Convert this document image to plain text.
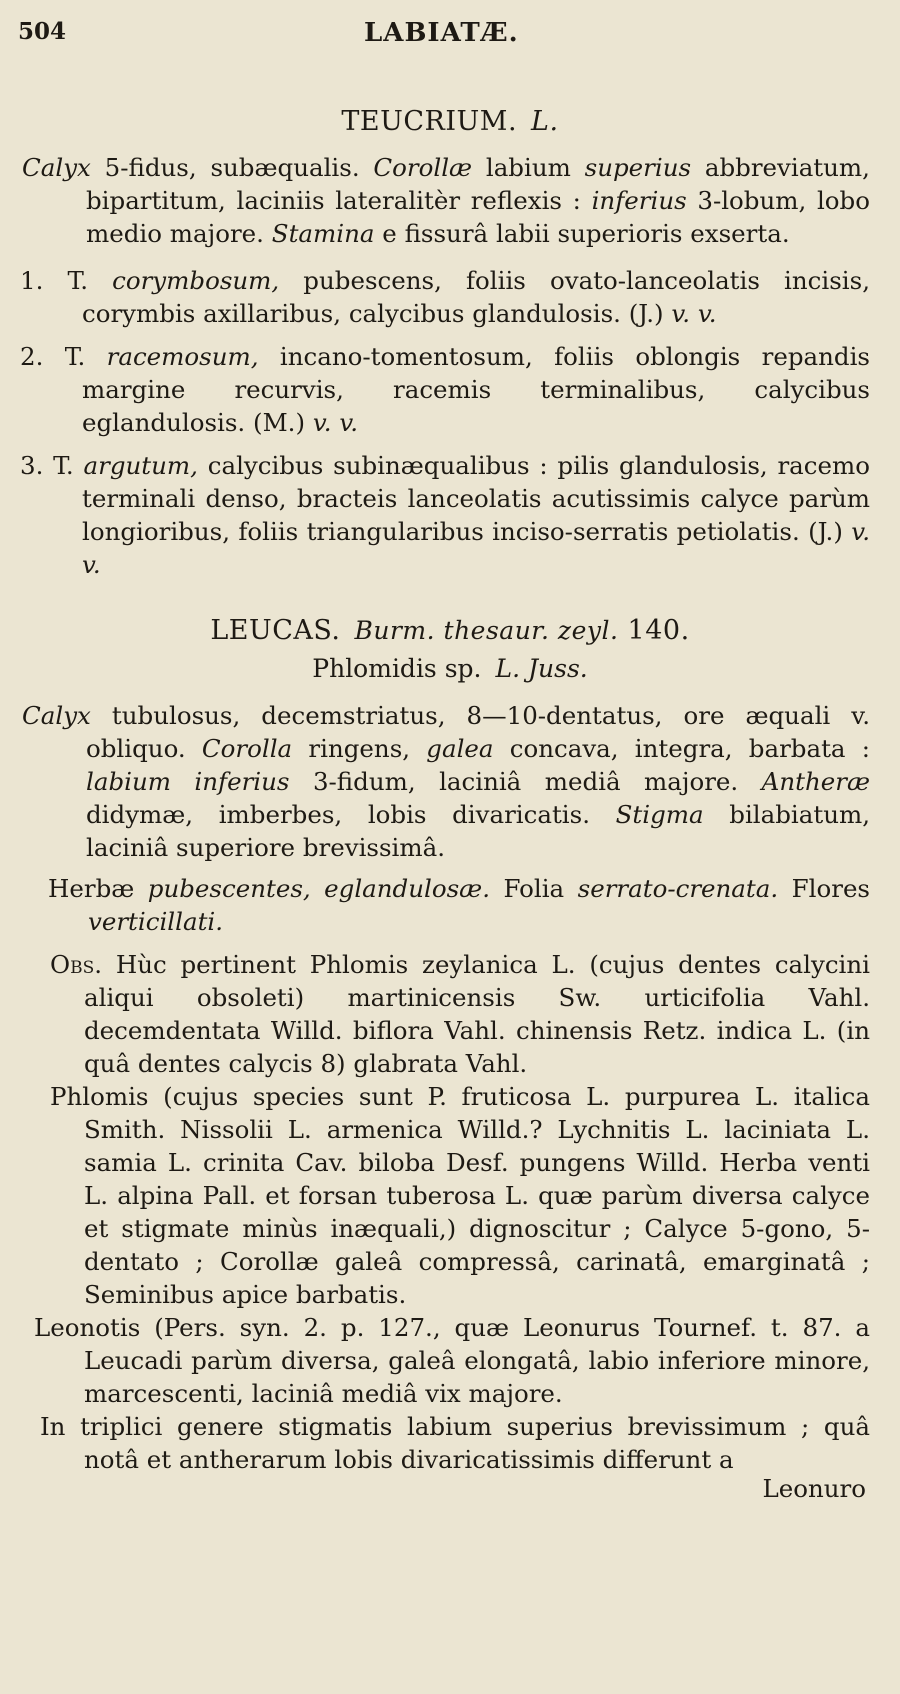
504	LABIATÆ.
TEUCRIUM. L.

Calyx 5-fidus, subæqualis. Corollæ labium superius abbreviatum, bipartitum, laciniis lateralitèr reflexis : inferius 3-lobum, lobo medio majore. Stamina e fissurâ labii superioris exserta.

1. T. corymbosum, pubescens, foliis ovato-lanceolatis incisis, corymbis axillaribus, calycibus glandulosis. (J.) v. v.

2. T. racemosum, incano-tomentosum, foliis oblongis repandis margine recurvis, racemis terminalibus, calycibus eglandulosis. (M.) v. v.

3. T. argutum, calycibus subinæqualibus : pilis glandulosis, racemo terminali denso, bracteis lanceolatis acutissimis calyce parùm longioribus, foliis triangularibus inciso-serratis petiolatis. (J.) v. v.

LEUCAS. Burm. thesaur. zeyl. 140.
Phlomidis sp. L. Juss.

Calyx tubulosus, decemstriatus, 8—10-dentatus, ore æquali v. obliquo. Corolla ringens, galea concava, integra, barbata : labium inferius 3-fidum, laciniâ mediâ majore. Antheræ didymæ, imberbes, lobis divaricatis. Stigma bilabiatum, laciniâ superiore brevissimâ.

Herbæ pubescentes, eglandulosæ. Folia serrato-crenata. Flores verticillati.

Obs. Hùc pertinent Phlomis zeylanica L. (cujus dentes calycini aliqui obsoleti) martinicensis Sw. urticifolia Vahl. decemdentata Willd. biflora Vahl. chinensis Retz. indica L. (in quâ dentes calycis 8) glabrata Vahl.

Phlomis (cujus species sunt P. fruticosa L. purpurea L. italica Smith. Nissolii L. armenica Willd.? Lychnitis L. laciniata L. samia L. crinita Cav. biloba Desf. pungens Willd. Herba venti L. alpina Pall. et forsan tuberosa L. quæ parùm diversa calyce et stigmate minùs inæquali,) dignoscitur ; Calyce 5-gono, 5-dentato ; Corollæ galeâ compressâ, carinatâ, emarginatâ ; Seminibus apice barbatis.

Leonotis (Pers. syn. 2. p. 127., quæ Leonurus Tournef. t. 87. a Leucadi parùm diversa, galeâ elongatâ, labio inferiore minore, marcescenti, laciniâ mediâ vix majore.

In triplici genere stigmatis labium superius brevissimum ; quâ notâ et antherarum lobis divaricatissimis differunt a

Leonuro
